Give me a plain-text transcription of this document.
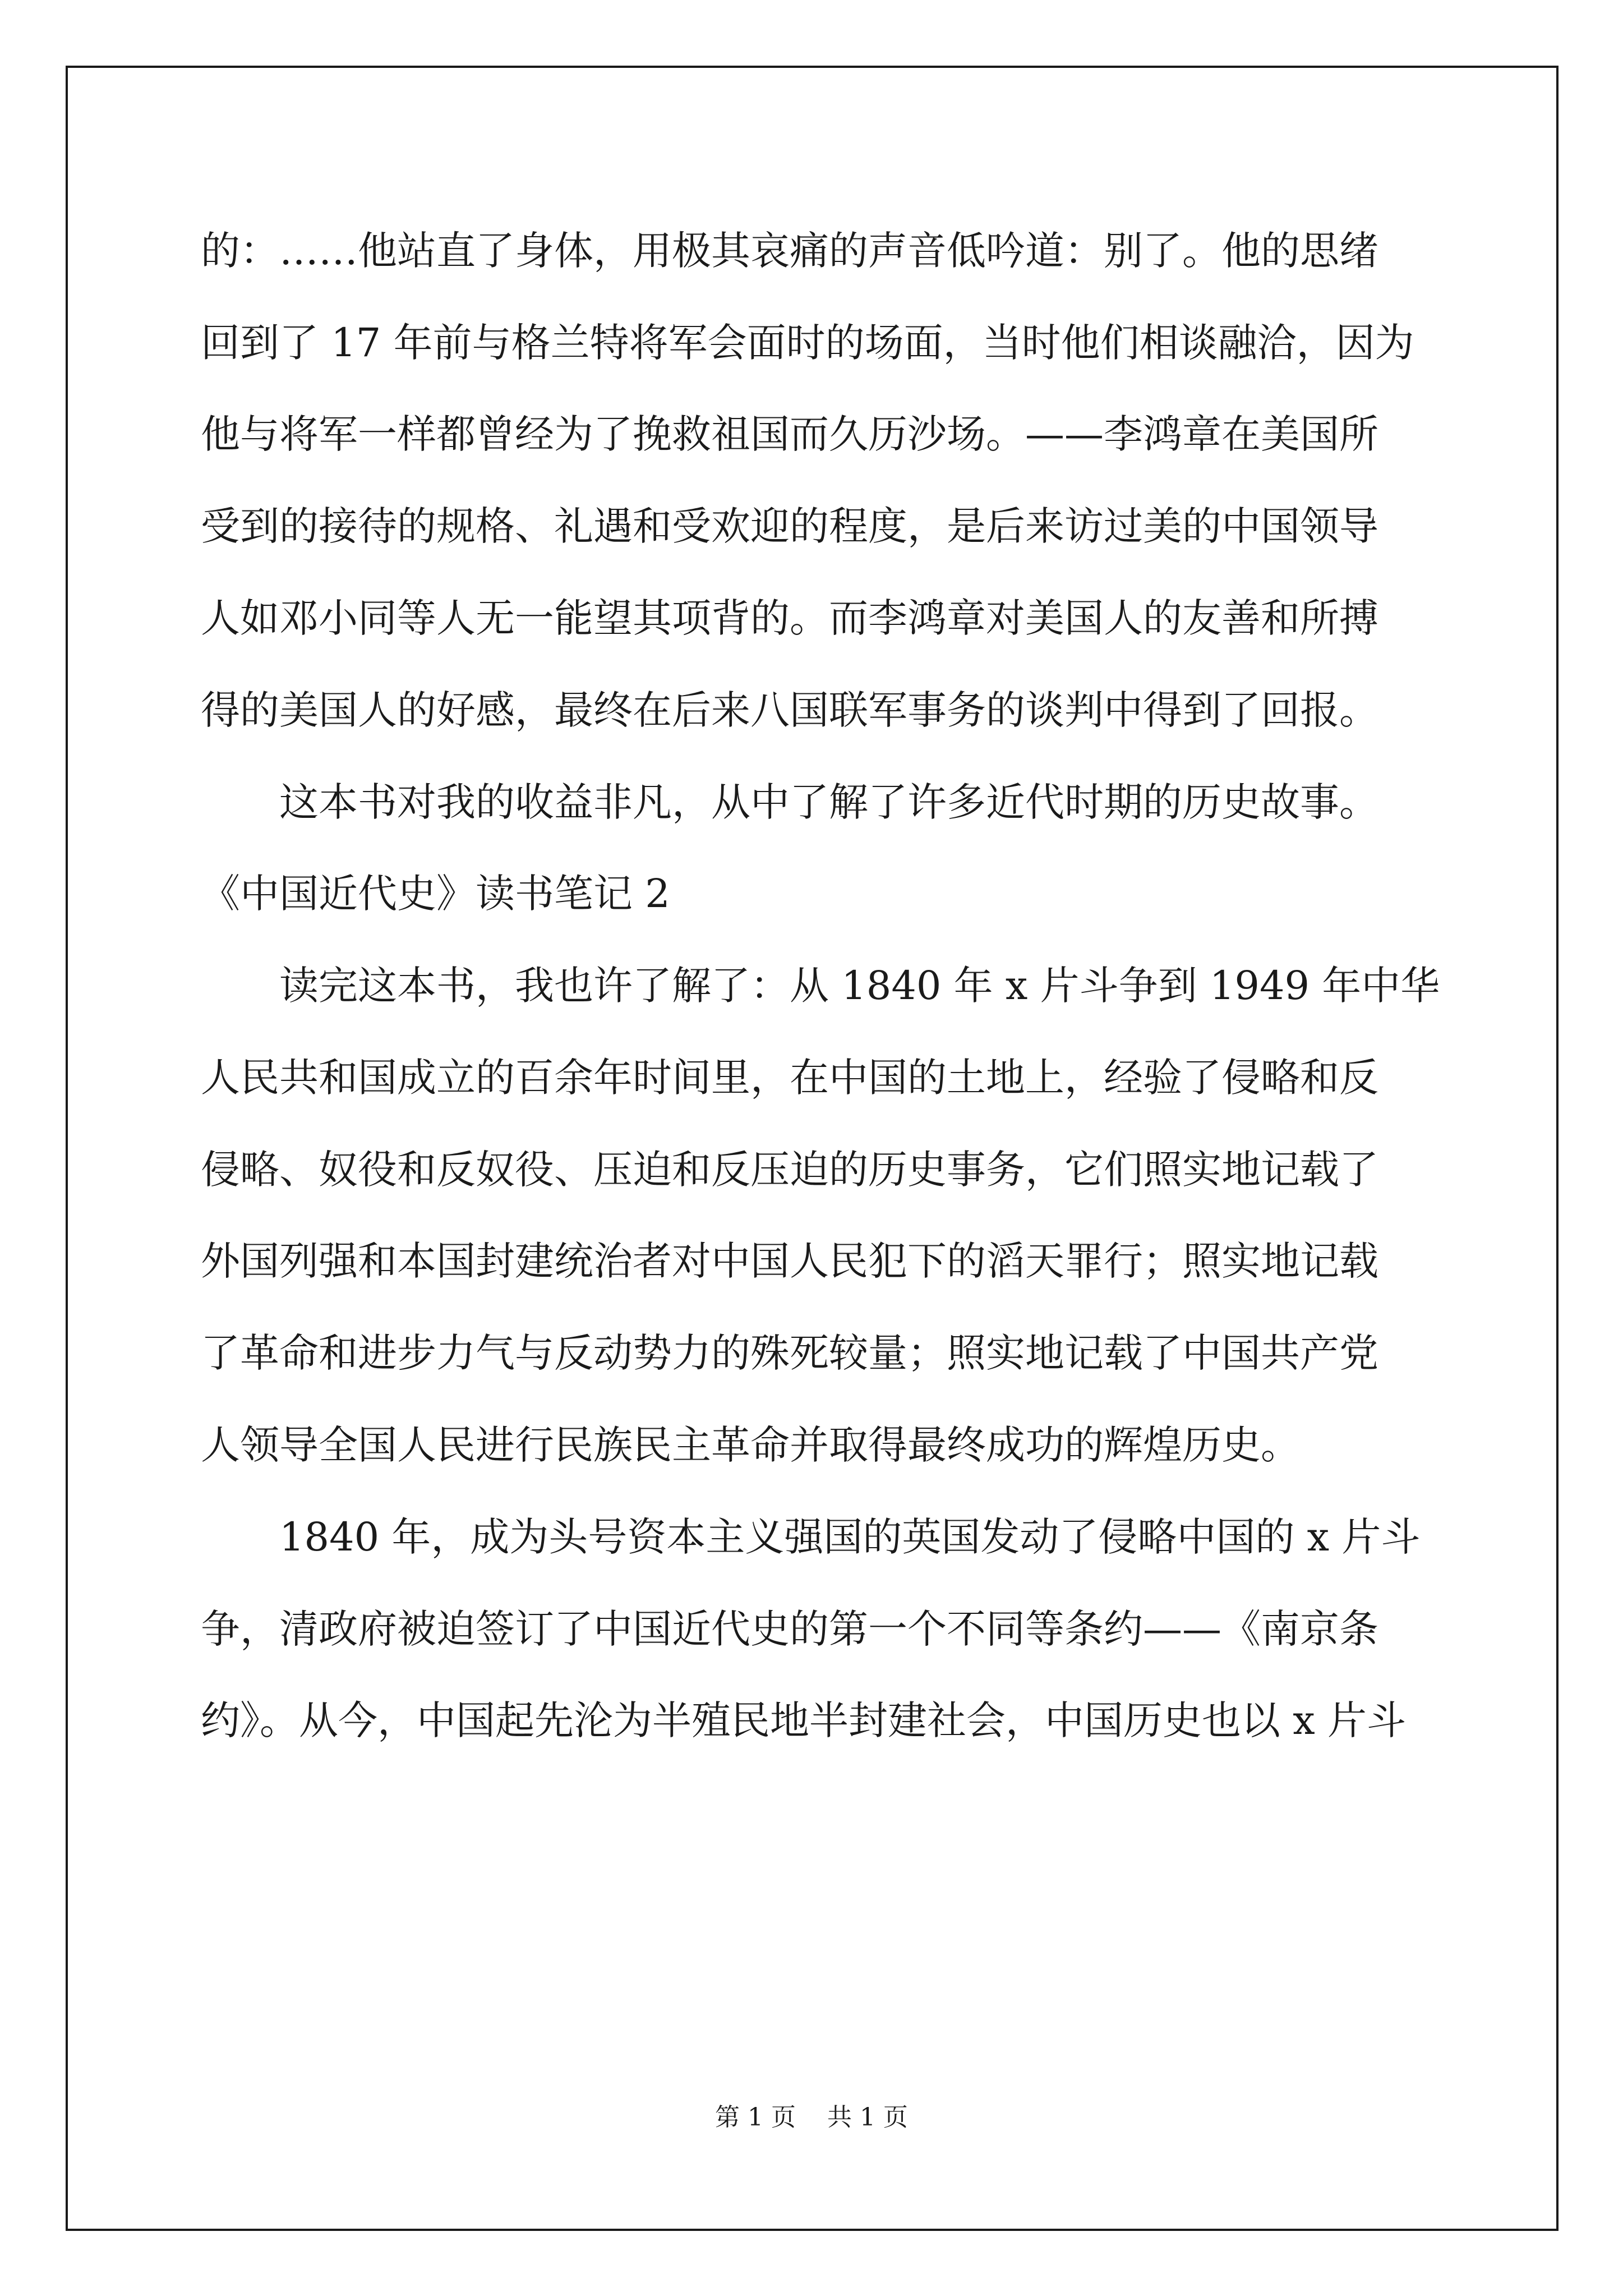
的：……他站直了身体，用极其哀痛的声音低吟道：别了。他的思绪
回到了 17 年前与格兰特将军会面时的场面，当时他们相谈融洽，因为
他与将军一样都曾经为了挽救祖国而久历沙场。——李鸿章在美国所
受到的接待的规格、礼遇和受欢迎的程度，是后来访过美的中国领导
人如邓小同等人无一能望其项背的。而李鸿章对美国人的友善和所搏
得的美国人的好感，最终在后来八国联军事务的谈判中得到了回报。
这本书对我的收益非凡，从中了解了许多近代时期的历史故事。
《中国近代史》读书笔记 2
读完这本书，我也许了解了：从 1840 年 x 片斗争到 1949 年中华
人民共和国成立的百余年时间里，在中国的土地上，经验了侵略和反
侵略、奴役和反奴役、压迫和反压迫的历史事务，它们照实地记载了
外国列强和本国封建统治者对中国人民犯下的滔天罪行；照实地记载
了革命和进步力气与反动势力的殊死较量；照实地记载了中国共产党
人领导全国人民进行民族民主革命并取得最终成功的辉煌历史。
1840 年，成为头号资本主义强国的英国发动了侵略中国的 x 片斗
争，清政府被迫签订了中国近代史的第一个不同等条约——《南京条
约》。从今，中国起先沦为半殖民地半封建社会，中国历史也以 x 片斗
第 1 页    共 1 页
